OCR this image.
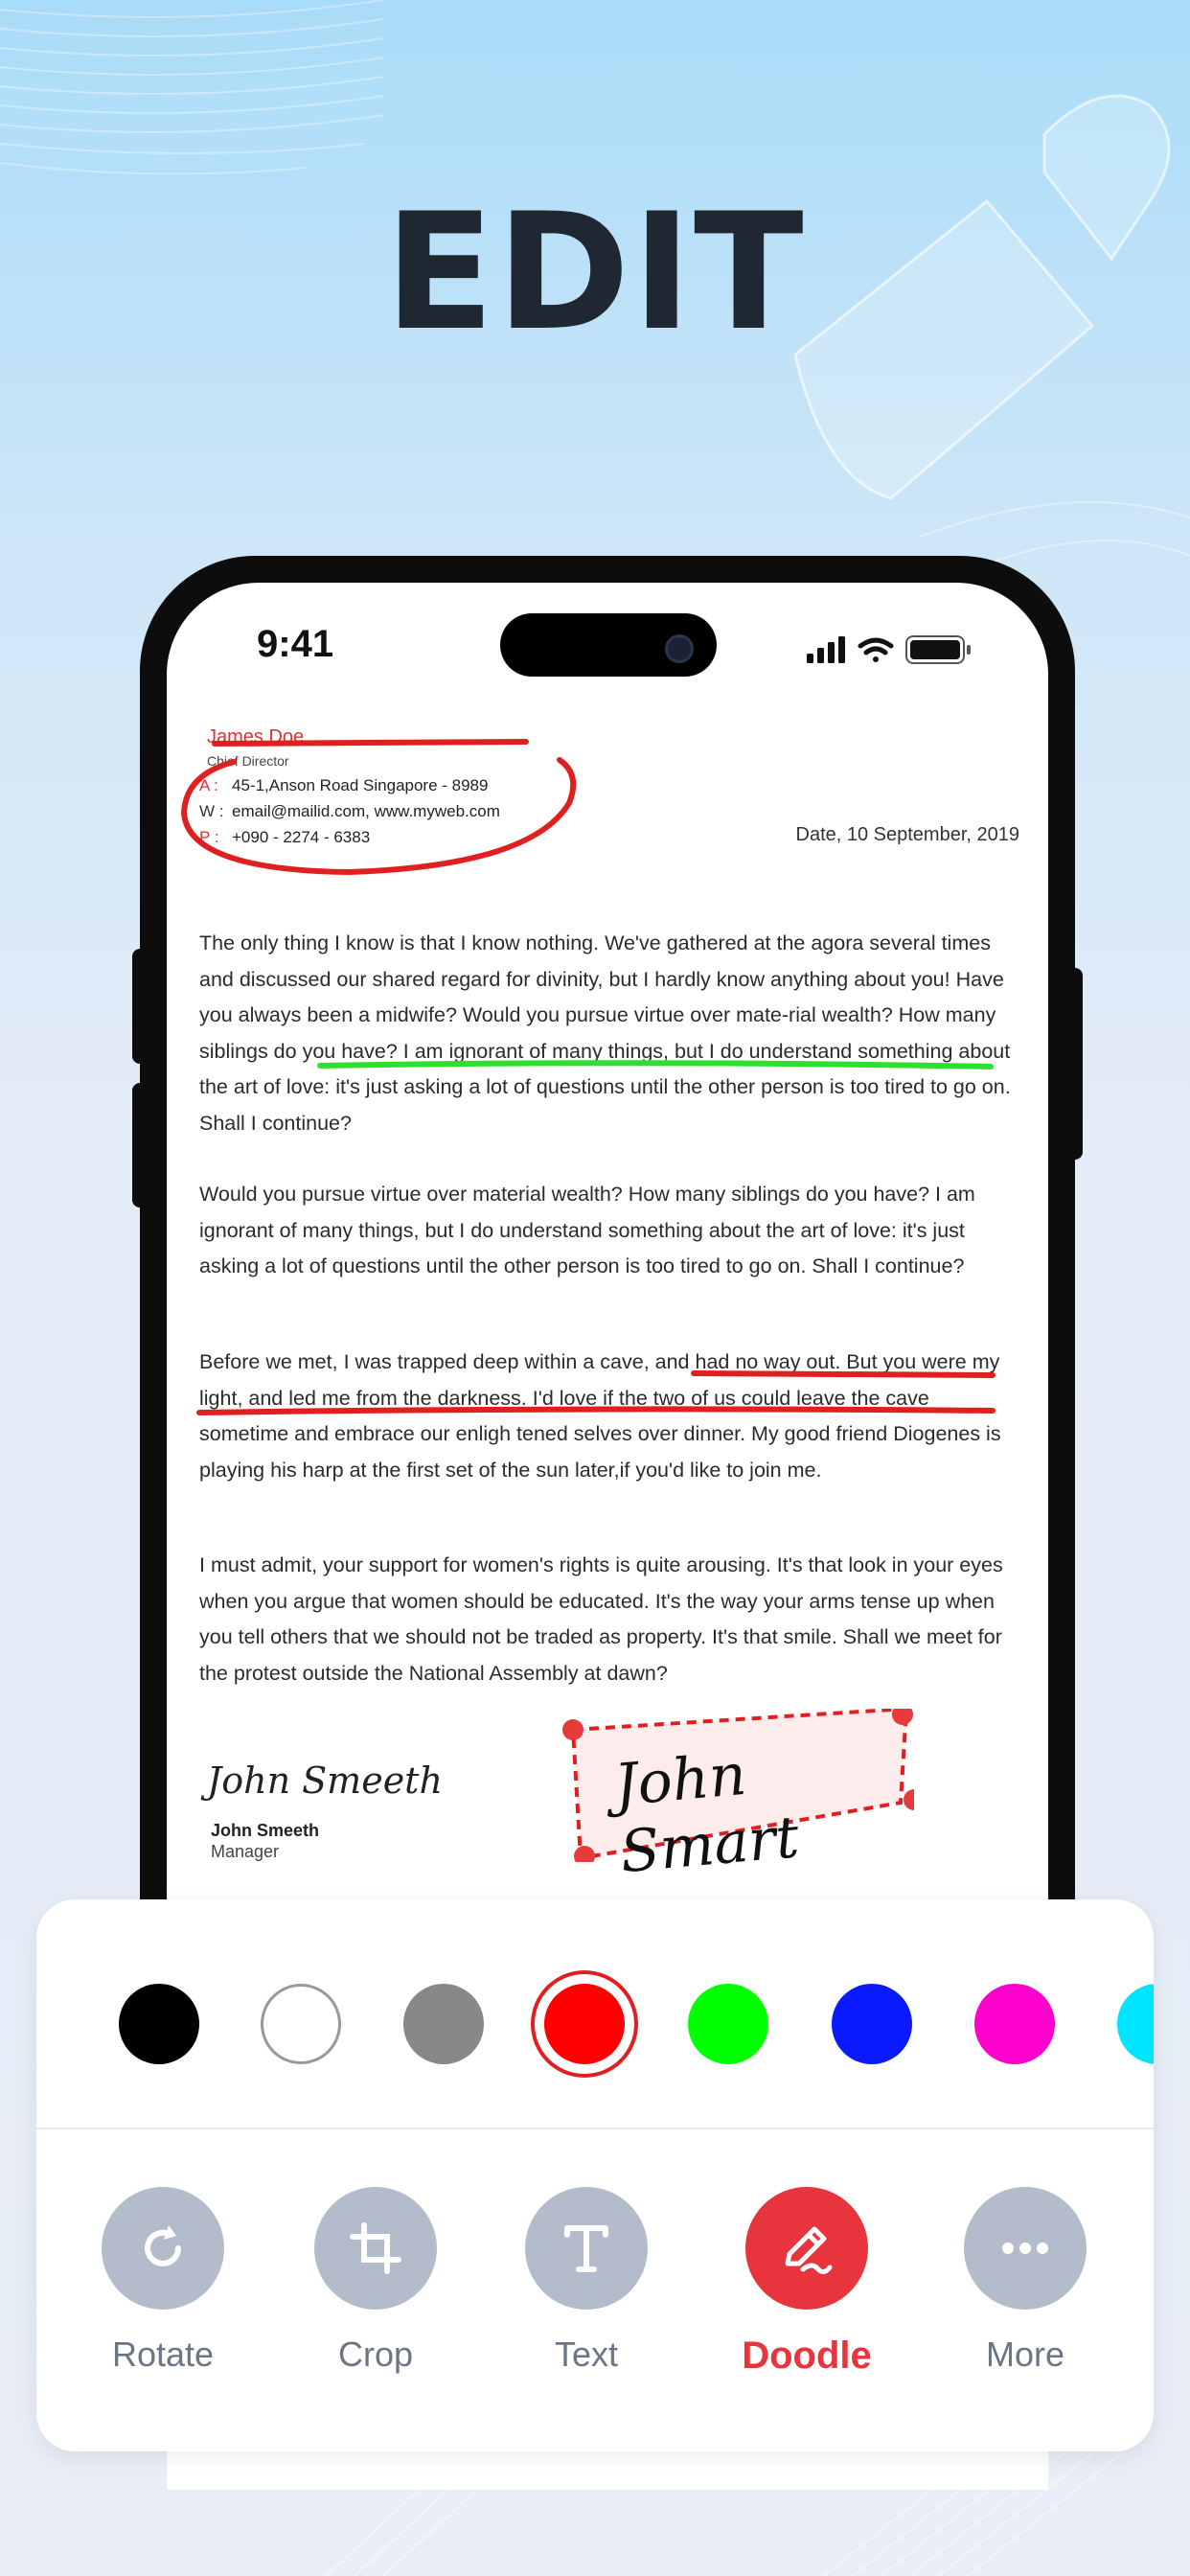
EDIT
9:41
James Doe
Chief Director
A : 45-1,Anson Road Singapore - 8989
W : email@mailid.com, www.myweb.com
P : +090 - 2274 - 6383	Date, 10 September, 2019
The only thing I know is that I know nothing. We've gathered at the agora several times and discussed our shared regard for divinity, but I hardly know anything about you! Have you always been a midwife? Would you pursue virtue over mate-rial wealth? How many siblings do you have? I am ignorant of many things, but I do understand something about the art of love: it's just asking a lot of questions until the other person is too tired to go on. Shall I continue?
Would you pursue virtue over material wealth? How many siblings do you have? I am ignorant of many things, but I do understand something about the art of love: it's just asking a lot of questions until the other person is too tired to go on. Shall I continue?
Before we met, I was trapped deep within a cave, and had no way out. But you were my light, and led me from the darkness. I'd love if the two of us could leave the cave sometime and embrace our enligh tened selves over dinner. My good friend Diogenes is playing his harp at the first set of the sun later,if you'd like to join me.
I must admit, your support for women's rights is quite arousing. It's that look in your eyes when you argue that women should be educated. It's the way your arms tense up when you tell others that we should not be traded as property. It's that smile. Shall we meet for the protest outside the National Assembly at dawn?
John Smeeth
John Smeeth
Manager
John Smart
Rotate	Crop	Text	Doodle	More
